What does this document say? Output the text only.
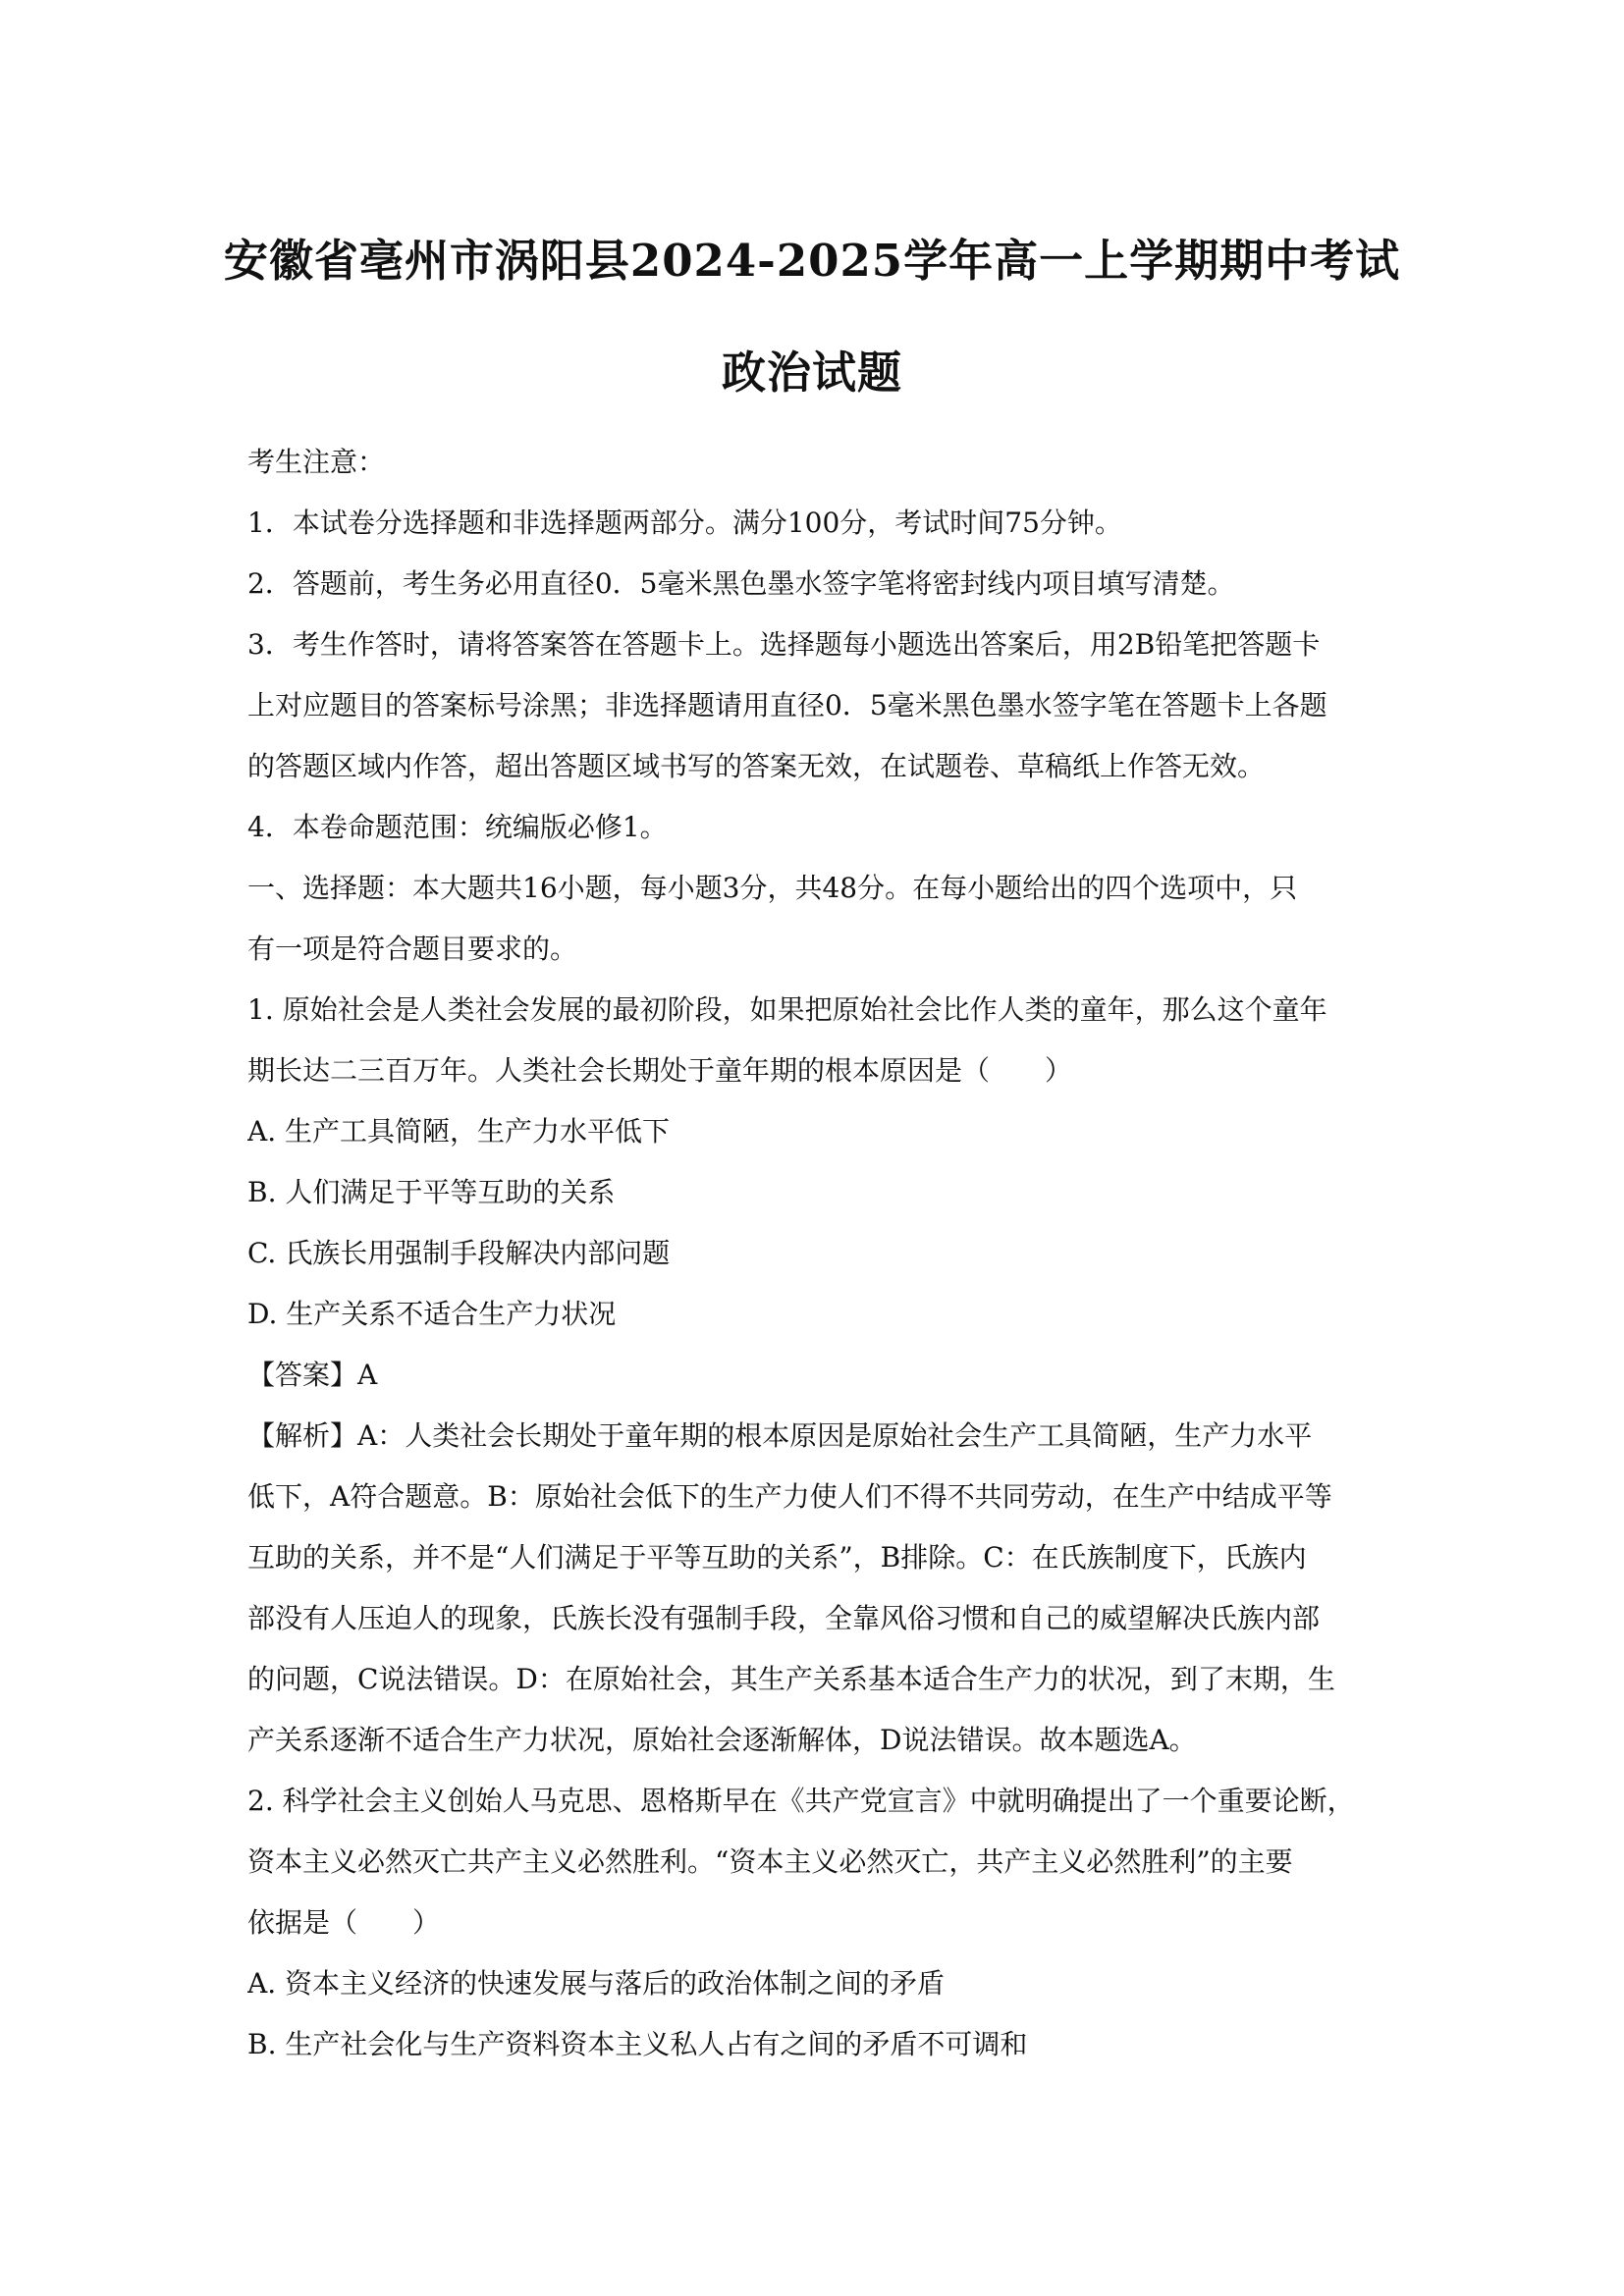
安徽省亳州市涡阳县2024-2025学年高一上学期期中考试
政治试题
考生注意：
1．本试卷分选择题和非选择题两部分。满分100分，考试时间75分钟。
2．答题前，考生务必用直径0．5毫米黑色墨水签字笔将密封线内项目填写清楚。
3．考生作答时，请将答案答在答题卡上。选择题每小题选出答案后，用2B铅笔把答题卡
上对应题目的答案标号涂黑；非选择题请用直径0．5毫米黑色墨水签字笔在答题卡上各题
的答题区域内作答，超出答题区域书写的答案无效，在试题卷、草稿纸上作答无效。
4．本卷命题范围：统编版必修1。
一、选择题：本大题共16小题，每小题3分，共48分。在每小题给出的四个选项中，只
有一项是符合题目要求的。
1. 原始社会是人类社会发展的最初阶段，如果把原始社会比作人类的童年，那么这个童年
期长达二三百万年。人类社会长期处于童年期的根本原因是（　　）
A. 生产工具简陋，生产力水平低下
B. 人们满足于平等互助的关系
C. 氏族长用强制手段解决内部问题
D. 生产关系不适合生产力状况
【答案】A
【解析】A：人类社会长期处于童年期的根本原因是原始社会生产工具简陋，生产力水平
低下，A符合题意。B：原始社会低下的生产力使人们不得不共同劳动，在生产中结成平等
互助的关系，并不是“人们满足于平等互助的关系”，B排除。C：在氏族制度下，氏族内
部没有人压迫人的现象，氏族长没有强制手段，全靠风俗习惯和自己的威望解决氏族内部
的问题，C说法错误。D：在原始社会，其生产关系基本适合生产力的状况，到了末期，生
产关系逐渐不适合生产力状况，原始社会逐渐解体，D说法错误。故本题选A。
2. 科学社会主义创始人马克思、恩格斯早在《共产党宣言》中就明确提出了一个重要论断，
资本主义必然灭亡共产主义必然胜利。“资本主义必然灭亡，共产主义必然胜利”的主要
依据是（　　）
A. 资本主义经济的快速发展与落后的政治体制之间的矛盾
B. 生产社会化与生产资料资本主义私人占有之间的矛盾不可调和
